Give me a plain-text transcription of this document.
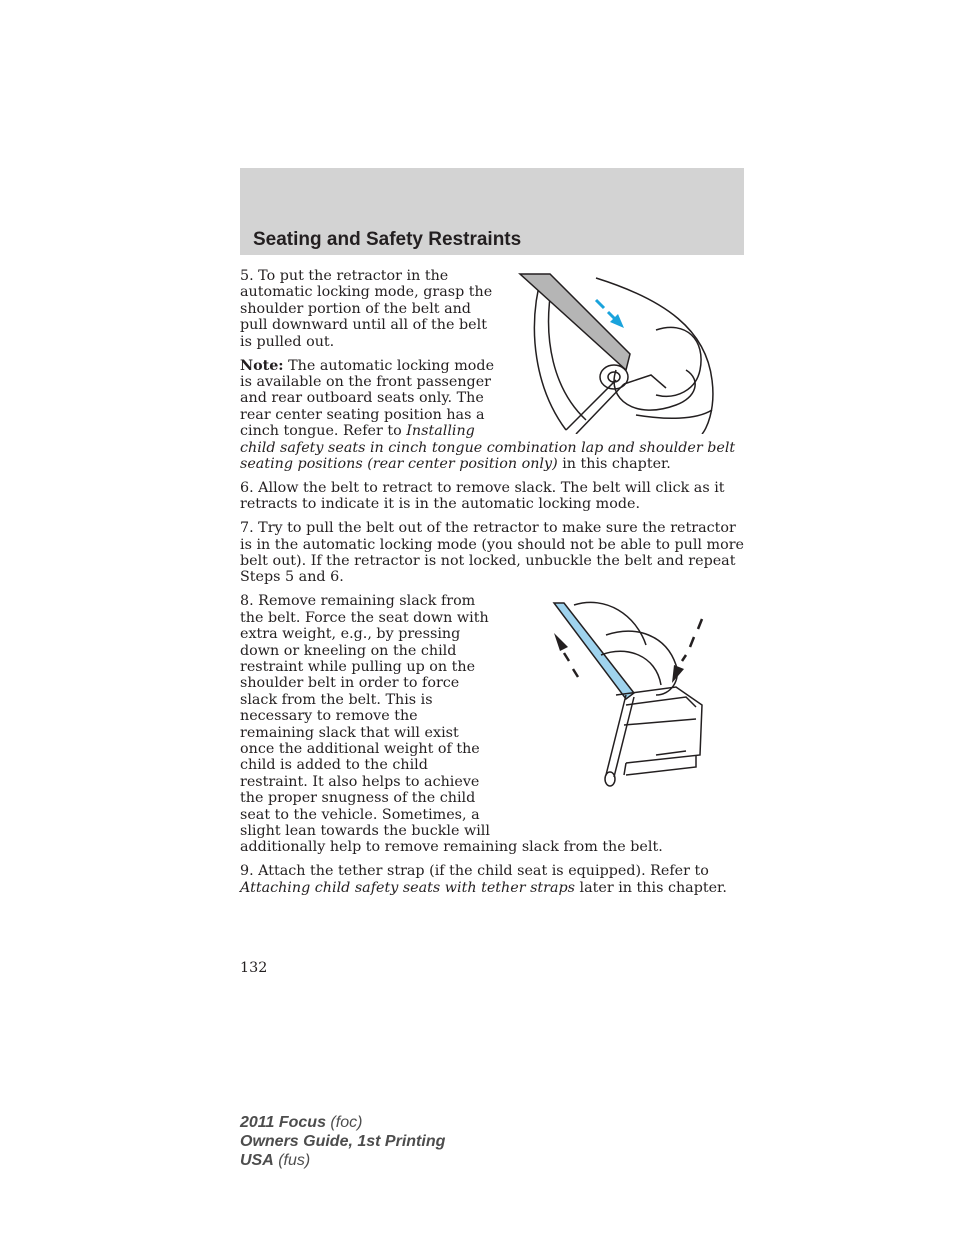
Seating and Safety Restraints

5. To put the retractor in the automatic locking mode, grasp the shoulder portion of the belt and pull downward until all of the belt is pulled out.

Note: The automatic locking mode is available on the front passenger and rear outboard seats only. The rear center seating position has a cinch tongue. Refer to Installing child safety seats in cinch tongue combination lap and shoulder belt seating positions (rear center position only) in this chapter.

6. Allow the belt to retract to remove slack. The belt will click as it retracts to indicate it is in the automatic locking mode.

7. Try to pull the belt out of the retractor to make sure the retractor is in the automatic locking mode (you should not be able to pull more belt out). If the retractor is not locked, unbuckle the belt and repeat Steps 5 and 6.

8. Remove remaining slack from the belt. Force the seat down with extra weight, e.g., by pressing down or kneeling on the child restraint while pulling up on the shoulder belt in order to force slack from the belt. This is necessary to remove the remaining slack that will exist once the additional weight of the child is added to the child restraint. It also helps to achieve the proper snugness of the child seat to the vehicle. Sometimes, a slight lean towards the buckle will additionally help to remove remaining slack from the belt.

9. Attach the tether strap (if the child seat is equipped). Refer to Attaching child safety seats with tether straps later in this chapter.

132
2011 Focus (foc)
Owners Guide, 1st Printing
USA (fus)
